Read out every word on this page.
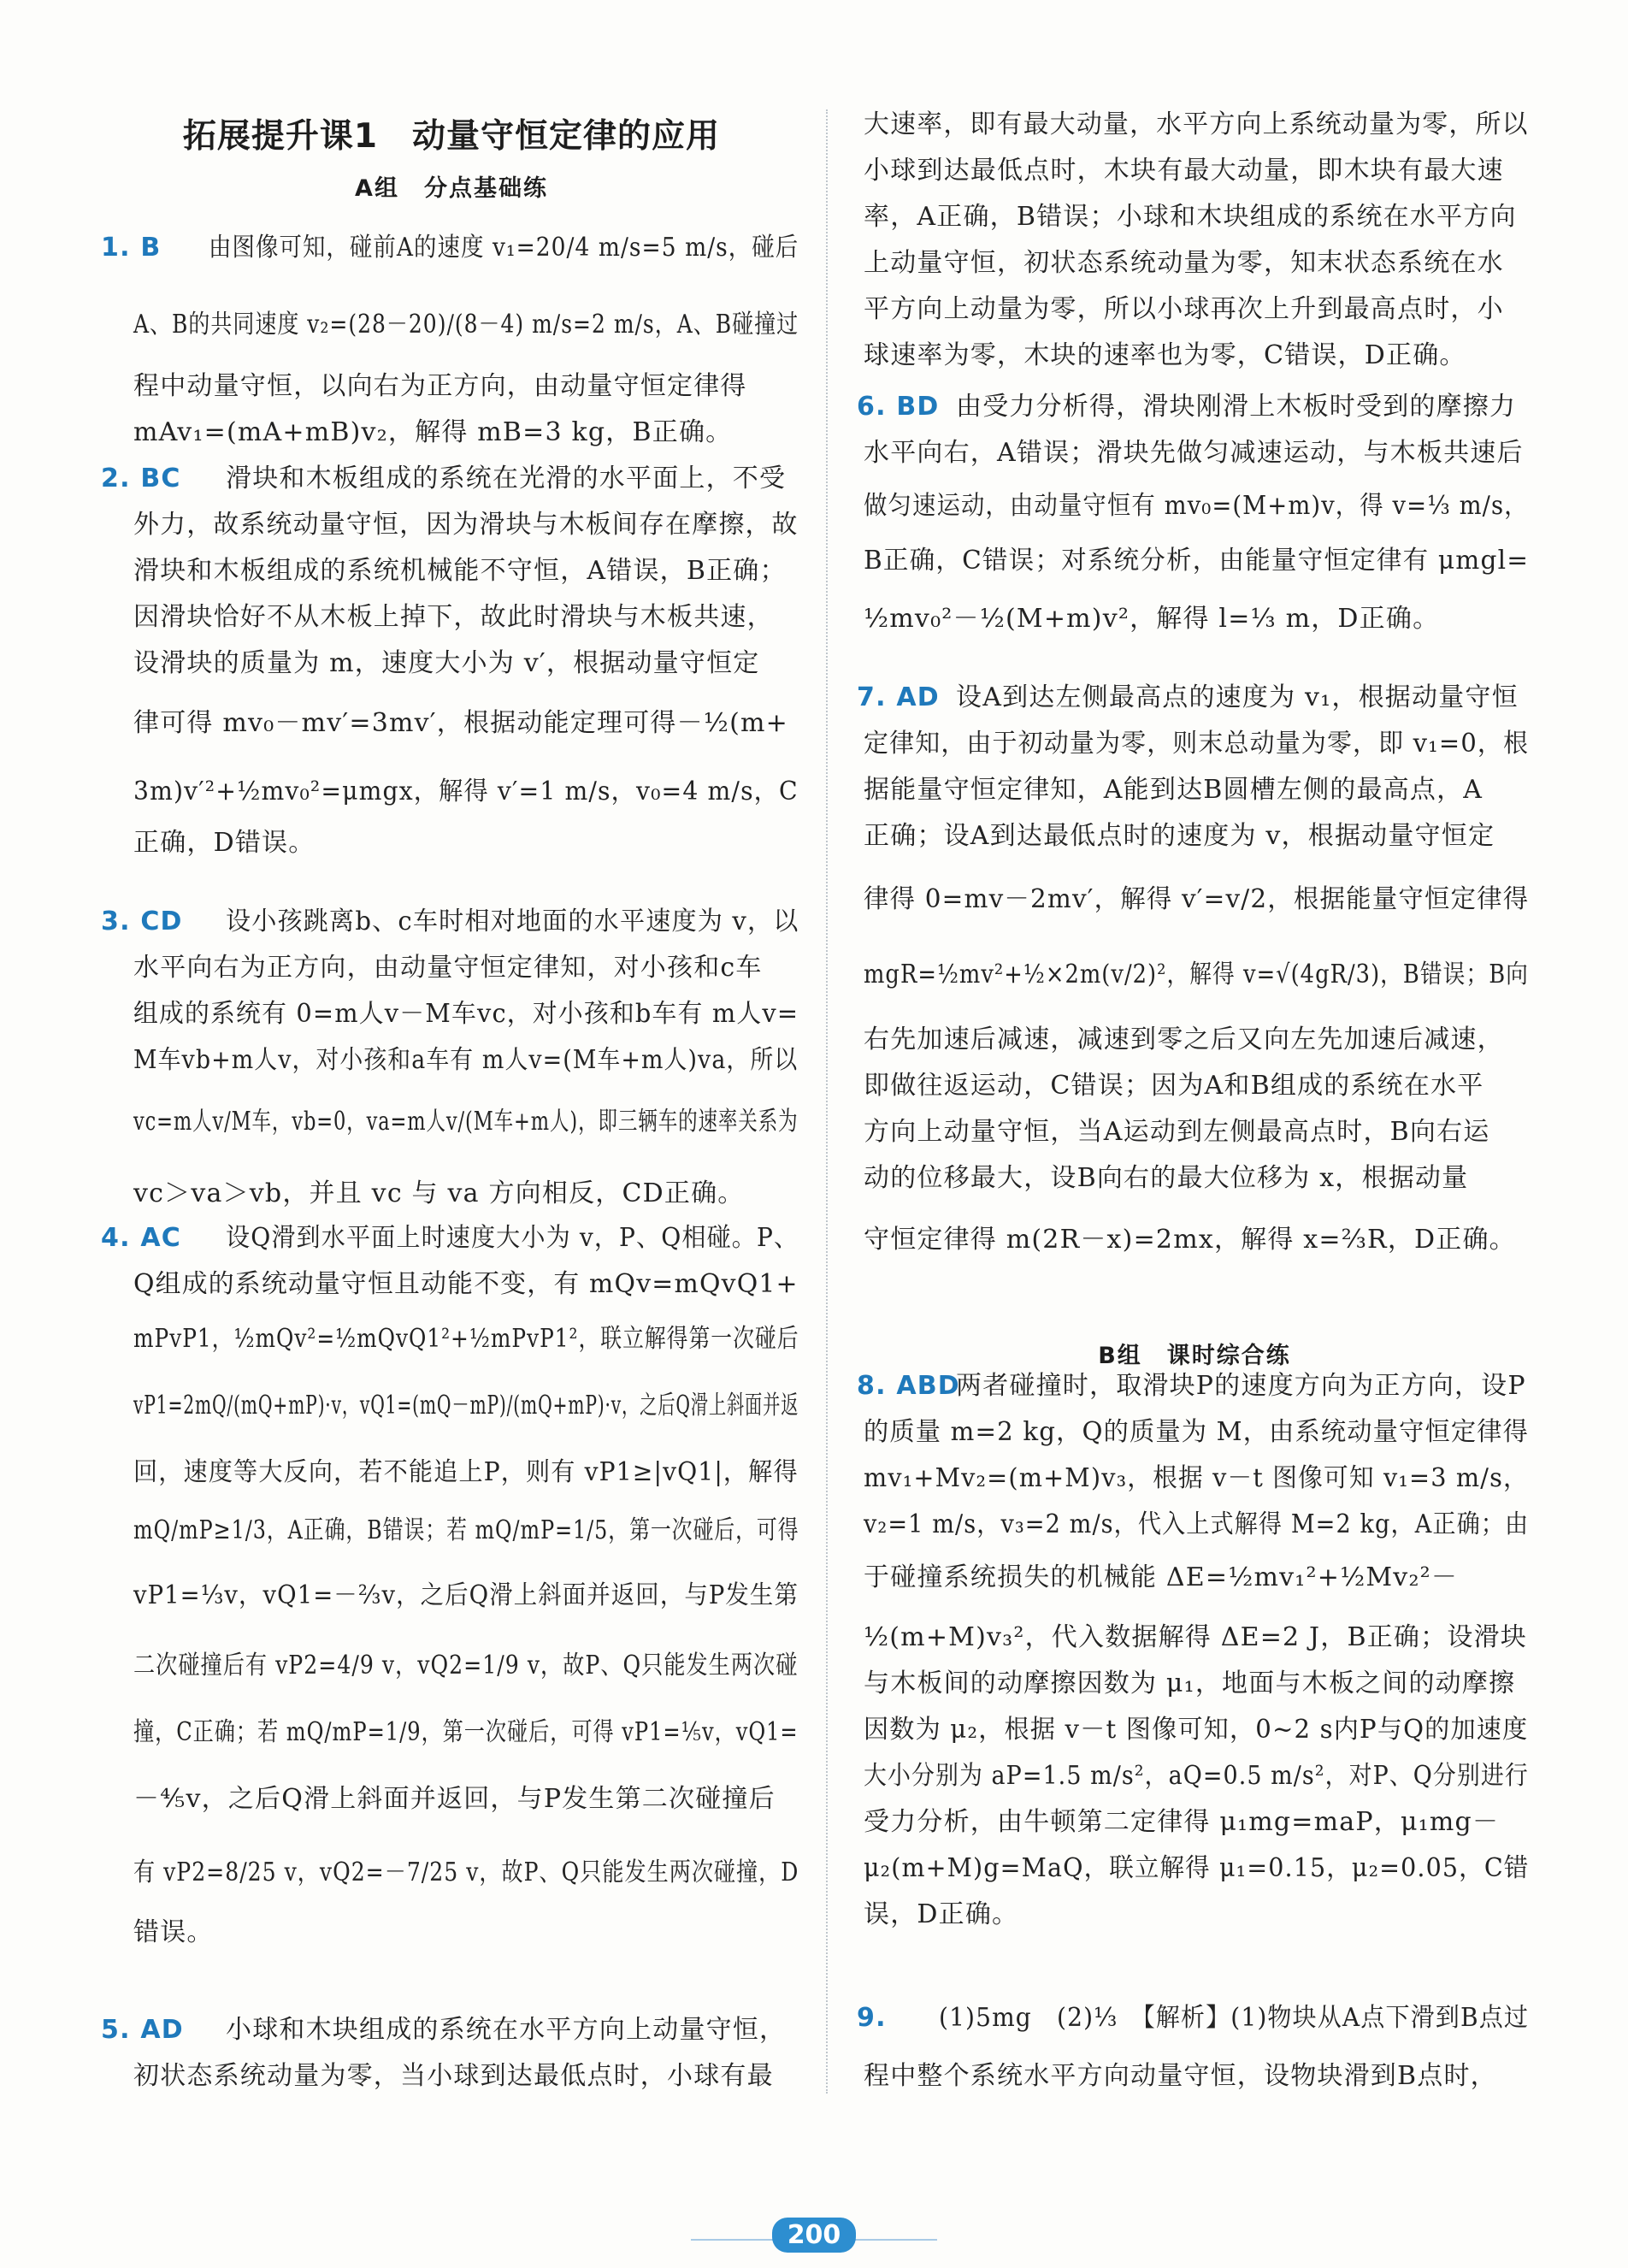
拓展提升课1　动量守恒定律的应用
A组　分点基础练
1. B 由图像可知，碰前A的速度 v₁=20/4 m/s=5 m/s，碰后
A、B的共同速度 v₂=(28－20)/(8－4) m/s=2 m/s，A、B碰撞过
程中动量守恒，以向右为正方向，由动量守恒定律得
mAv₁=(mA+mB)v₂，解得 mB=3 kg，B正确。
2. BC 滑块和木板组成的系统在光滑的水平面上，不受
外力，故系统动量守恒，因为滑块与木板间存在摩擦，故
滑块和木板组成的系统机械能不守恒，A错误，B正确；
因滑块恰好不从木板上掉下，故此时滑块与木板共速，
设滑块的质量为 m，速度大小为 v′，根据动量守恒定
律可得 mv₀－mv′=3mv′，根据动能定理可得－½(m+
3m)v′²+½mv₀²=μmgx，解得 v′=1 m/s，v₀=4 m/s，C
正确，D错误。
3. CD 设小孩跳离b、c车时相对地面的水平速度为 v，以
水平向右为正方向，由动量守恒定律知，对小孩和c车
组成的系统有 0=m人v－M车vc，对小孩和b车有 m人v=
M车vb+m人v，对小孩和a车有 m人v=(M车+m人)va，所以
vc=m人v/M车，vb=0，va=m人v/(M车+m人)，即三辆车的速率关系为
vc＞va＞vb，并且 vc 与 va 方向相反，CD正确。
4. AC 设Q滑到水平面上时速度大小为 v，P、Q相碰。P、
Q组成的系统动量守恒且动能不变，有 mQv=mQvQ1+
mPvP1，½mQv²=½mQvQ1²+½mPvP1²，联立解得第一次碰后
vP1=2mQ/(mQ+mP)·v，vQ1=(mQ－mP)/(mQ+mP)·v，之后Q滑上斜面并返
回，速度等大反向，若不能追上P，则有 vP1≥|vQ1|，解得
mQ/mP≥1/3，A正确，B错误；若 mQ/mP=1/5，第一次碰后，可得
vP1=⅓v，vQ1=－⅔v，之后Q滑上斜面并返回，与P发生第
二次碰撞后有 vP2=4/9 v，vQ2=1/9 v，故P、Q只能发生两次碰
撞，C正确；若 mQ/mP=1/9，第一次碰后，可得 vP1=⅕v，vQ1=
－⅘v，之后Q滑上斜面并返回，与P发生第二次碰撞后
有 vP2=8/25 v，vQ2=－7/25 v，故P、Q只能发生两次碰撞，D
错误。
5. AD 小球和木块组成的系统在水平方向上动量守恒，
初状态系统动量为零，当小球到达最低点时，小球有最
大速率，即有最大动量，水平方向上系统动量为零，所以
小球到达最低点时，木块有最大动量，即木块有最大速
率，A正确，B错误；小球和木块组成的系统在水平方向
上动量守恒，初状态系统动量为零，知末状态系统在水
平方向上动量为零，所以小球再次上升到最高点时，小
球速率为零，木块的速率也为零，C错误，D正确。
6. BD 由受力分析得，滑块刚滑上木板时受到的摩擦力
水平向右，A错误；滑块先做匀减速运动，与木板共速后
做匀速运动，由动量守恒有 mv₀=(M+m)v，得 v=⅓ m/s，
B正确，C错误；对系统分析，由能量守恒定律有 μmgl=
½mv₀²－½(M+m)v²，解得 l=⅓ m，D正确。
7. AD 设A到达左侧最高点的速度为 v₁，根据动量守恒
定律知，由于初动量为零，则末总动量为零，即 v₁=0，根
据能量守恒定律知，A能到达B圆槽左侧的最高点，A
正确；设A到达最低点时的速度为 v，根据动量守恒定
律得 0=mv－2mv′，解得 v′=v/2，根据能量守恒定律得
mgR=½mv²+½×2m(v/2)²，解得 v=√(4gR/3)，B错误；B向
右先加速后减速，减速到零之后又向左先加速后减速，
即做往返运动，C错误；因为A和B组成的系统在水平
方向上动量守恒，当A运动到左侧最高点时，B向右运
动的位移最大，设B向右的最大位移为 x，根据动量
守恒定律得 m(2R－x)=2mx，解得 x=⅔R，D正确。
8. ABD
两者碰撞时，取滑块P的速度方向为正方向，设P
的质量 m=2 kg，Q的质量为 M，由系统动量守恒定律得
mv₁+Mv₂=(m+M)v₃，根据 v－t 图像可知 v₁=3 m/s，
v₂=1 m/s，v₃=2 m/s，代入上式解得 M=2 kg，A正确；由
于碰撞系统损失的机械能 ΔE=½mv₁²+½Mv₂²－
½(m+M)v₃²，代入数据解得 ΔE=2 J，B正确；设滑块
与木板间的动摩擦因数为 μ₁，地面与木板之间的动摩擦
因数为 μ₂，根据 v－t 图像可知，0~2 s内P与Q的加速度
大小分别为 aP=1.5 m/s²，aQ=0.5 m/s²，对P、Q分别进行
受力分析，由牛顿第二定律得 μ₁mg=maP，μ₁mg－
μ₂(m+M)g=MaQ，联立解得 μ₁=0.15，μ₂=0.05，C错
误，D正确。
9. (1)5mg　(2)⅓　【解析】(1)物块从A点下滑到B点过
程中整个系统水平方向动量守恒，设物块滑到B点时，
B组　课时综合练
200
